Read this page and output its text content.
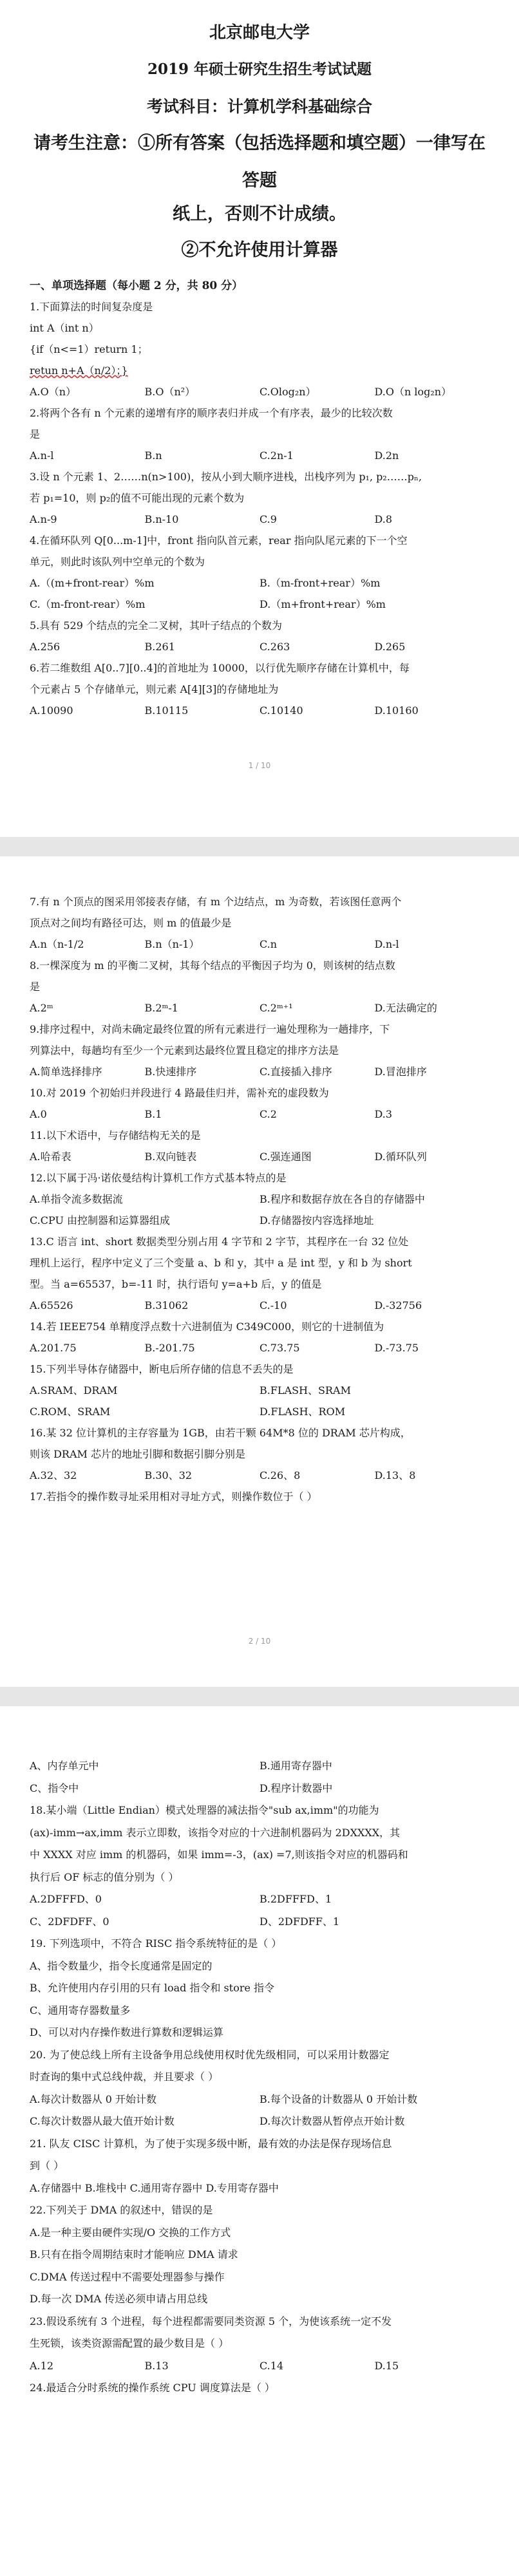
北京邮电大学
2019 年硕士研究生招生考试试题
考试科目：计算机学科基础综合
请考生注意：①所有答案（包括选择题和填空题）一律写在答题
纸上，否则不计成绩。
②不允许使用计算器
一、单项选择题（每小题 2 分，共 80 分）
1.下面算法的时间复杂度是
int A（int n）
{if（n<=1）return 1；
retun n+A（n/2）；}
A.O（n）	B.O（n²）	C.Olog₂n）	D.O（n log₂n）
2.将两个各有 n 个元素的递增有序的顺序表归并成一个有序表，最少的比较次数
是
A.n-l	B.n	C.2n-1	D.2n
3.设 n 个元素 1、2……n(n>100)，按从小到大顺序进栈，出栈序列为 p₁, p₂……pₙ,
若 p₁=10，则 p₂的值不可能出现的元素个数为
A.n-9	B.n-10	C.9	D.8
4.在循环队列 Q[0...m-1]中，front 指向队首元素，rear 指向队尾元素的下一个空
单元，则此时该队列中空单元的个数为
A.（(m+front-rear）%m	B.（m-front+rear）%m
C.（m-front-rear）%m	D.（m+front+rear）%m
5.具有 529 个结点的完全二叉树，其叶子结点的个数为
A.256	B.261	C.263	D.265
6.若二维数组 A[0..7][0..4]的首地址为 10000，以行优先顺序存储在计算机中，每
个元素占 5 个存储单元，则元素 A[4][3]的存储地址为
A.10090	B.10115	C.10140	D.10160
1 / 10
7.有 n 个顶点的图采用邻接表存储，有 m 个边结点，m 为奇数，若该图任意两个
顶点对之间均有路径可达，则 m 的值最少是
A.n（n-1/2	B.n（n-1）	C.n	D.n-l
8.一棵深度为 m 的平衡二叉树，其每个结点的平衡因子均为 0，则该树的结点数
是
A.2ᵐ	B.2ᵐ-1	C.2ᵐ⁺¹	D.无法确定的
9.排序过程中，对尚未确定最终位置的所有元素进行一遍处理称为一趟排序，下
列算法中，每趟均有至少一个元素到达最终位置且稳定的排序方法是
A.简单选择排序	B.快速排序	C.直接插入排序	D.冒泡排序
10.对 2019 个初始归并段进行 4 路最佳归并，需补充的虚段数为
A.0	B.1	C.2	D.3
11.以下术语中，与存储结构无关的是
A.哈希表	B.双向链表	C.强连通图	D.循环队列
12.以下属于冯·诺依曼结构计算机工作方式基本特点的是
A.单指令流多数据流	B.程序和数据存放在各自的存储器中
C.CPU 由控制器和运算器组成	D.存储器按内容选择地址
13.C 语言 int、short 数据类型分别占用 4 字节和 2 字节，其程序在一台 32 位处
理机上运行，程序中定义了三个变量 a、b 和 y，其中 a 是 int 型，y 和 b 为 short
型。当 a=65537，b=-11 时，执行语句 y=a+b 后，y 的值是
A.65526	B.31062	C.-10	D.-32756
14.若 IEEE754 单精度浮点数十六进制值为 C349C000，则它的十进制值为
A.201.75	B.-201.75	C.73.75	D.-73.75
15.下列半导体存储器中，断电后所存储的信息不丢失的是
A.SRAM、DRAM	B.FLASH、SRAM
C.ROM、SRAM	D.FLASH、ROM
16.某 32 位计算机的主存容量为 1GB，由若干颗 64M*8 位的 DRAM 芯片构成，
则该 DRAM 芯片的地址引脚和数据引脚分别是
A.32、32	B.30、32	C.26、8	D.13、8
17.若指令的操作数寻址采用相对寻址方式，则操作数位于（ ）
2 / 10
A、内存单元中	B.通用寄存器中
C、指令中	D.程序计数器中
18.某小端（Little Endian）模式处理器的减法指令"sub ax,imm"的功能为
(ax)-imm→ax,imm 表示立即数，该指令对应的十六进制机器码为 2DXXXX，其
中 XXXX 对应 imm 的机器码，如果 imm=-3，(ax) =7,则该指令对应的机器码和
执行后 OF 标志的值分别为（ ）
A.2DFFFD、0	B.2DFFFD、1
C、2DFDFF、0	D、2DFDFF、1
19. 下列选项中，不符合 RISC 指令系统特征的是（ ）
A、指令数量少，指令长度通常是固定的
B、允许使用内存引用的只有 load 指令和 store 指令
C、通用寄存器数量多
D、可以对内存操作数进行算数和逻辑运算
20. 为了使总线上所有主设备争用总线使用权时优先级相同，可以采用计数器定
时查询的集中式总线仲裁，并且要求（ ）
A.每次计数器从 0 开始计数	B.每个设备的计数器从 0 开始计数
C.每次计数器从最大值开始计数	D.每次计数器从暂停点开始计数
21. 队友 CISC 计算机，为了使于实现多级中断，最有效的办法是保存现场信息
到（ ）
A.存储器中 B.堆栈中 C.通用寄存器中 D.专用寄存器中
22.下列关于 DMA 的叙述中，错误的是
A.是一种主要由硬件实现/O 交换的工作方式
B.只有在指令周期结束时才能响应 DMA 请求
C.DMA 传送过程中不需要处理器参与操作
D.每一次 DMA 传送必须申请占用总线
23.假设系统有 3 个进程，每个进程都需要同类资源 5 个，为使该系统一定不发
生死锁，该类资源需配置的最少数目是（ ）
A.12	B.13	C.14	D.15
24.最适合分时系统的操作系统 CPU 调度算法是（ ）
